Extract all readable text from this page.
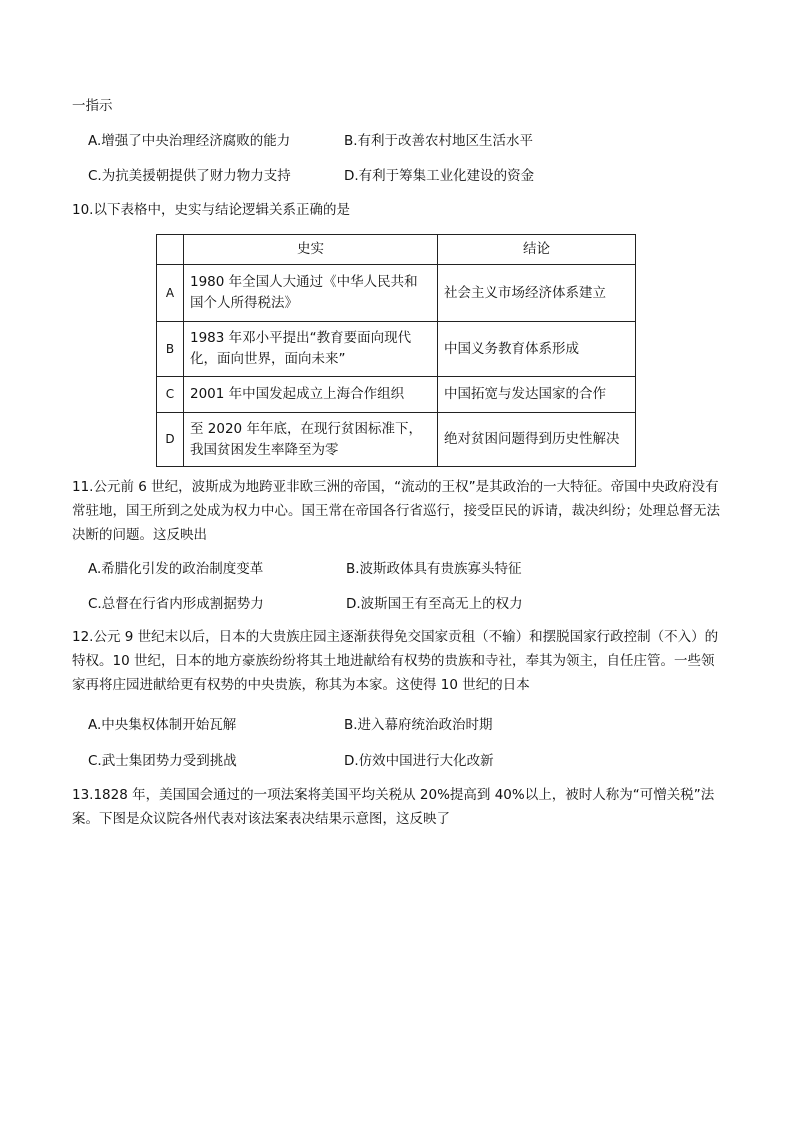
一指示
A.增强了中央治理经济腐败的能力	B.有利于改善农村地区生活水平
C.为抗美援朝提供了财力物力支持	D.有利于筹集工业化建设的资金
10.以下表格中，史实与结论逻辑关系正确的是
	史实	结论
A	1980 年全国人大通过《中华人民共和国个人所得税法》	社会主义市场经济体系建立
B	1983 年邓小平提出“教育要面向现代化，面向世界，面向未来”	中国义务教育体系形成
C	2001 年中国发起成立上海合作组织	中国拓宽与发达国家的合作
D	至 2020 年年底，在现行贫困标准下，我国贫困发生率降至为零	绝对贫困问题得到历史性解决
11.公元前 6 世纪，波斯成为地跨亚非欧三洲的帝国，“流动的王权”是其政治的一大特征。帝国中央政府没有常驻地，国王所到之处成为权力中心。国王常在帝国各行省巡行，接受臣民的诉请，裁决纠纷；处理总督无法决断的问题。这反映出
A.希腊化引发的政治制度变革	B.波斯政体具有贵族寡头特征
C.总督在行省内形成割据势力	D.波斯国王有至高无上的权力
12.公元 9 世纪末以后，日本的大贵族庄园主逐渐获得免交国家贡租（不输）和摆脱国家行政控制（不入）的特权。10 世纪，日本的地方豪族纷纷将其土地进献给有权势的贵族和寺社，奉其为领主，自任庄管。一些领家再将庄园进献给更有权势的中央贵族，称其为本家。这使得 10 世纪的日本
A.中央集权体制开始瓦解	B.进入幕府统治政治时期
C.武士集团势力受到挑战	D.仿效中国进行大化改新
13.1828 年，美国国会通过的一项法案将美国平均关税从 20%提高到 40%以上，被时人称为“可憎关税”法案。下图是众议院各州代表对该法案表决结果示意图，这反映了
